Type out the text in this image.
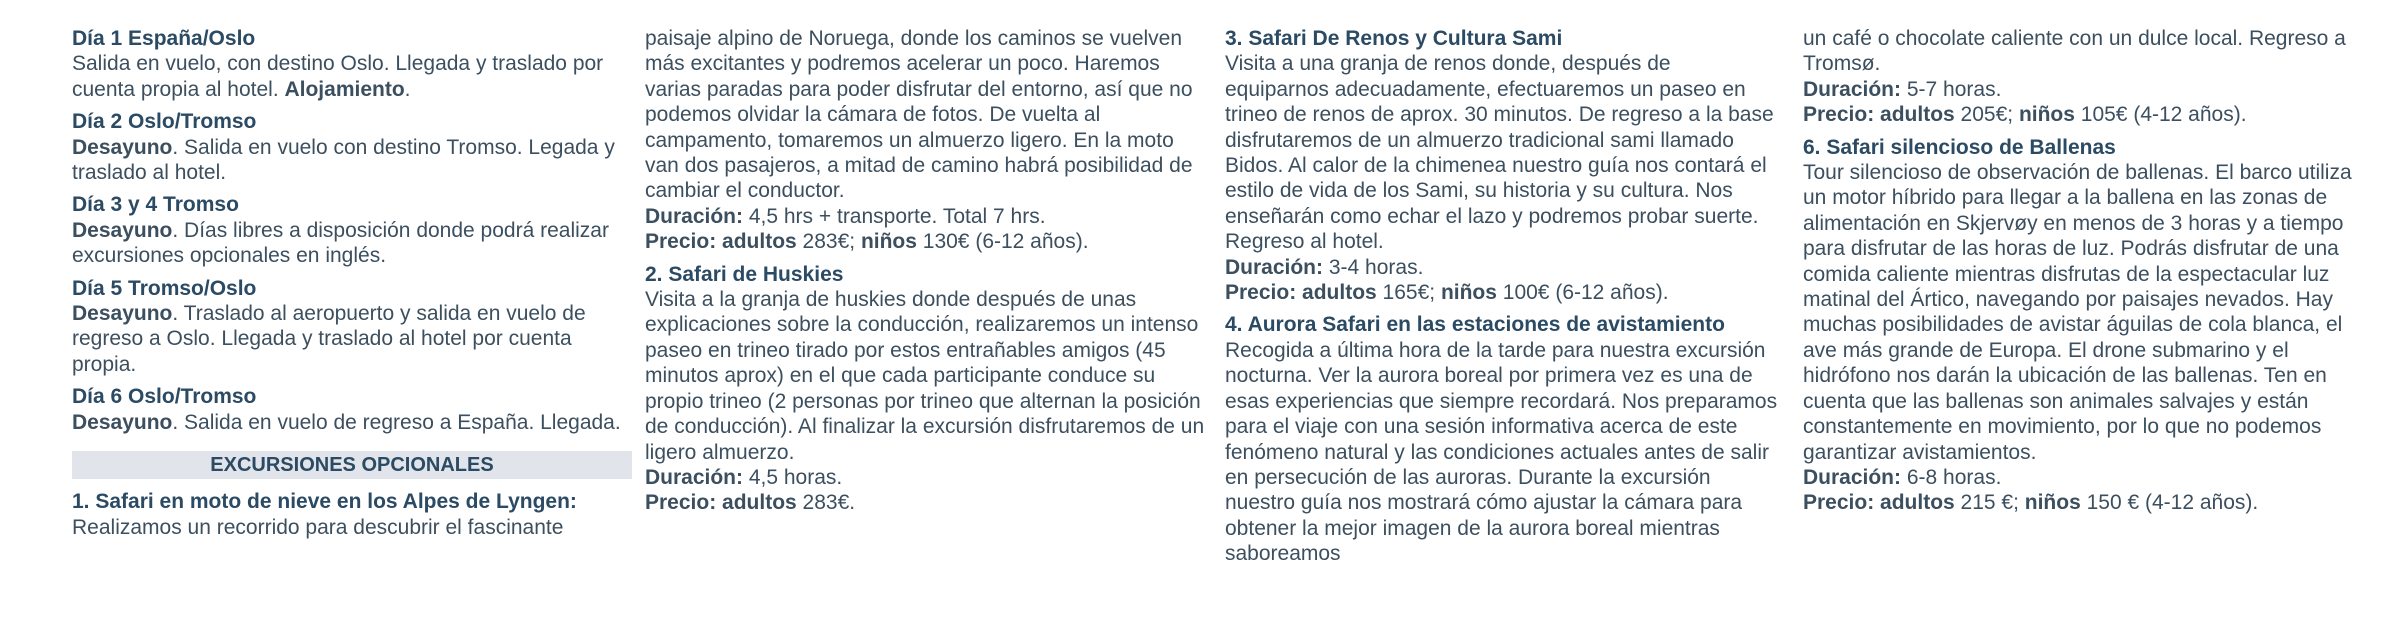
Día 1 España/Oslo

Salida en vuelo, con destino Oslo. Llegada y traslado por cuenta propia al hotel. Alojamiento.

Día 2 Oslo/Tromso

Desayuno. Salida en vuelo con destino Tromso. Legada y traslado al hotel.

Día 3 y 4 Tromso

Desayuno. Días libres a disposición donde podrá realizar excursiones opcionales en inglés.

Día 5 Tromso/Oslo

Desayuno. Traslado al aeropuerto y salida en vuelo de regreso a Oslo. Llegada y traslado al hotel por cuenta propia.

Día 6 Oslo/Tromso

Desayuno. Salida en vuelo de regreso a España. Llegada.

EXCURSIONES OPCIONALES
1. Safari en moto de nieve en los Alpes de Lyngen:

Realizamos un recorrido para descubrir el fascinante

paisaje alpino de Noruega, donde los caminos se vuelven más excitantes y podremos acelerar un poco. Haremos varias paradas para poder disfrutar del entorno, así que no podemos olvidar la cámara de fotos. De vuelta al campamento, tomaremos un almuerzo ligero. En la moto van dos pasajeros, a mitad de camino habrá posibilidad de cambiar el conductor.

Duración: 4,5 hrs + transporte. Total 7 hrs.

Precio: adultos 283€; niños 130€ (6-12 años).

2. Safari de Huskies

Visita a la granja de huskies donde después de unas explicaciones sobre la conducción, realizaremos un intenso paseo en trineo tirado por estos entrañables amigos (45 minutos aprox) en el que cada participante conduce su propio trineo (2 personas por trineo que alternan la posición de conducción). Al finalizar la excursión disfrutaremos de un ligero almuerzo.

Duración: 4,5 horas.

Precio: adultos 283€.

3. Safari De Renos y Cultura Sami

Visita a una granja de renos donde, después de equiparnos adecuadamente, efectuaremos un paseo en trineo de renos de aprox. 30 minutos. De regreso a la base disfrutaremos de un almuerzo tradicional sami llamado Bidos. Al calor de la chimenea nuestro guía nos contará el estilo de vida de los Sami, su historia y su cultura. Nos enseñarán como echar el lazo y podremos probar suerte. Regreso al hotel.

Duración: 3-4 horas.

Precio: adultos 165€; niños 100€ (6-12 años).

4. Aurora Safari en las estaciones de avistamiento

Recogida a última hora de la tarde para nuestra excursión nocturna. Ver la aurora boreal por primera vez es una de esas experiencias que siempre recordará. Nos preparamos para el viaje con una sesión informativa acerca de este fenómeno natural y las condiciones actuales antes de salir en persecución de las auroras. Durante la excursión nuestro guía nos mostrará cómo ajustar la cámara para obtener la mejor imagen de la aurora boreal mientras saboreamos

un café o chocolate caliente con un dulce local. Regreso a Tromsø.

Duración: 5-7 horas.

Precio: adultos 205€; niños 105€ (4-12 años).

6. Safari silencioso de Ballenas

Tour silencioso de observación de ballenas. El barco utiliza un motor híbrido para llegar a la ballena en las zonas de alimentación en Skjervøy en menos de 3 horas y a tiempo para disfrutar de las horas de luz. Podrás disfrutar de una comida caliente mientras disfrutas de la espectacular luz matinal del Ártico, navegando por paisajes nevados. Hay muchas posibilidades de avistar águilas de cola blanca, el ave más grande de Europa. El drone submarino y el hidrófono nos darán la ubicación de las ballenas. Ten en cuenta que las ballenas son animales salvajes y están constantemente en movimiento, por lo que no podemos garantizar avistamientos.

Duración: 6-8 horas.

Precio: adultos 215 €; niños 150 € (4-12 años).
